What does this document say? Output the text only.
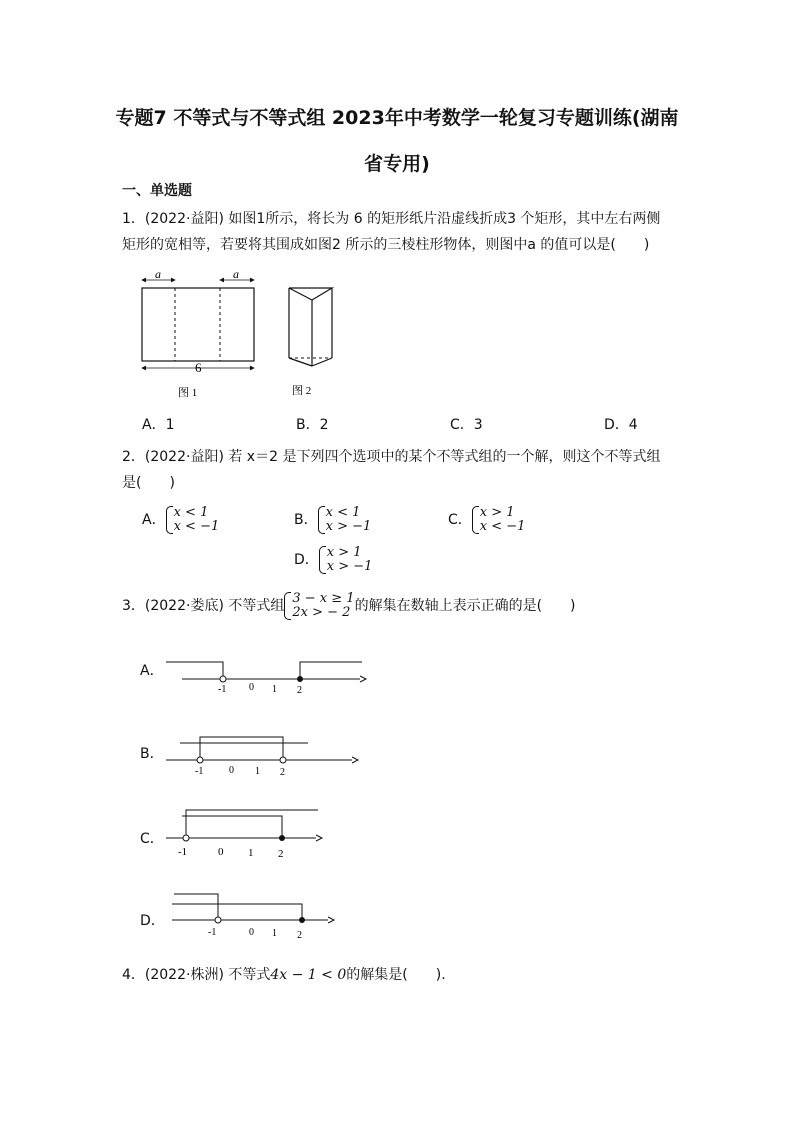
专题7 不等式与不等式组 2023年中考数学一轮复习专题训练(湖南
省专用)
一、单选题
1．(2022·益阳) 如图1所示，将长为 6 的矩形纸片沿虚线折成3 个矩形，其中左右两侧
矩形的宽相等，若要将其围成如图2 所示的三棱柱形物体，则图中a 的值可以是(　　)
a	a
6
图 1	图 2
A．1	B．2	C．3	D．4
2．(2022·益阳) 若 x＝2 是下列四个选项中的某个不等式组的一个解，则这个不等式组
是(　　)
A． x < 1
x < −1	B． x < 1
x > −1	C． x > 1
x < −1
D． x > 1
x > −1
3．(2022·娄底) 不等式组 3 − x ≥ 1
2x > − 2 的解集在数轴上表示正确的是(　　)
A．
-1 0 1 2
B．
-1	0 1 2
C．
-1	0 1 2
D．
-1	0 1 2
4．(2022·株洲) 不等式4x − 1 < 0的解集是(　　).
